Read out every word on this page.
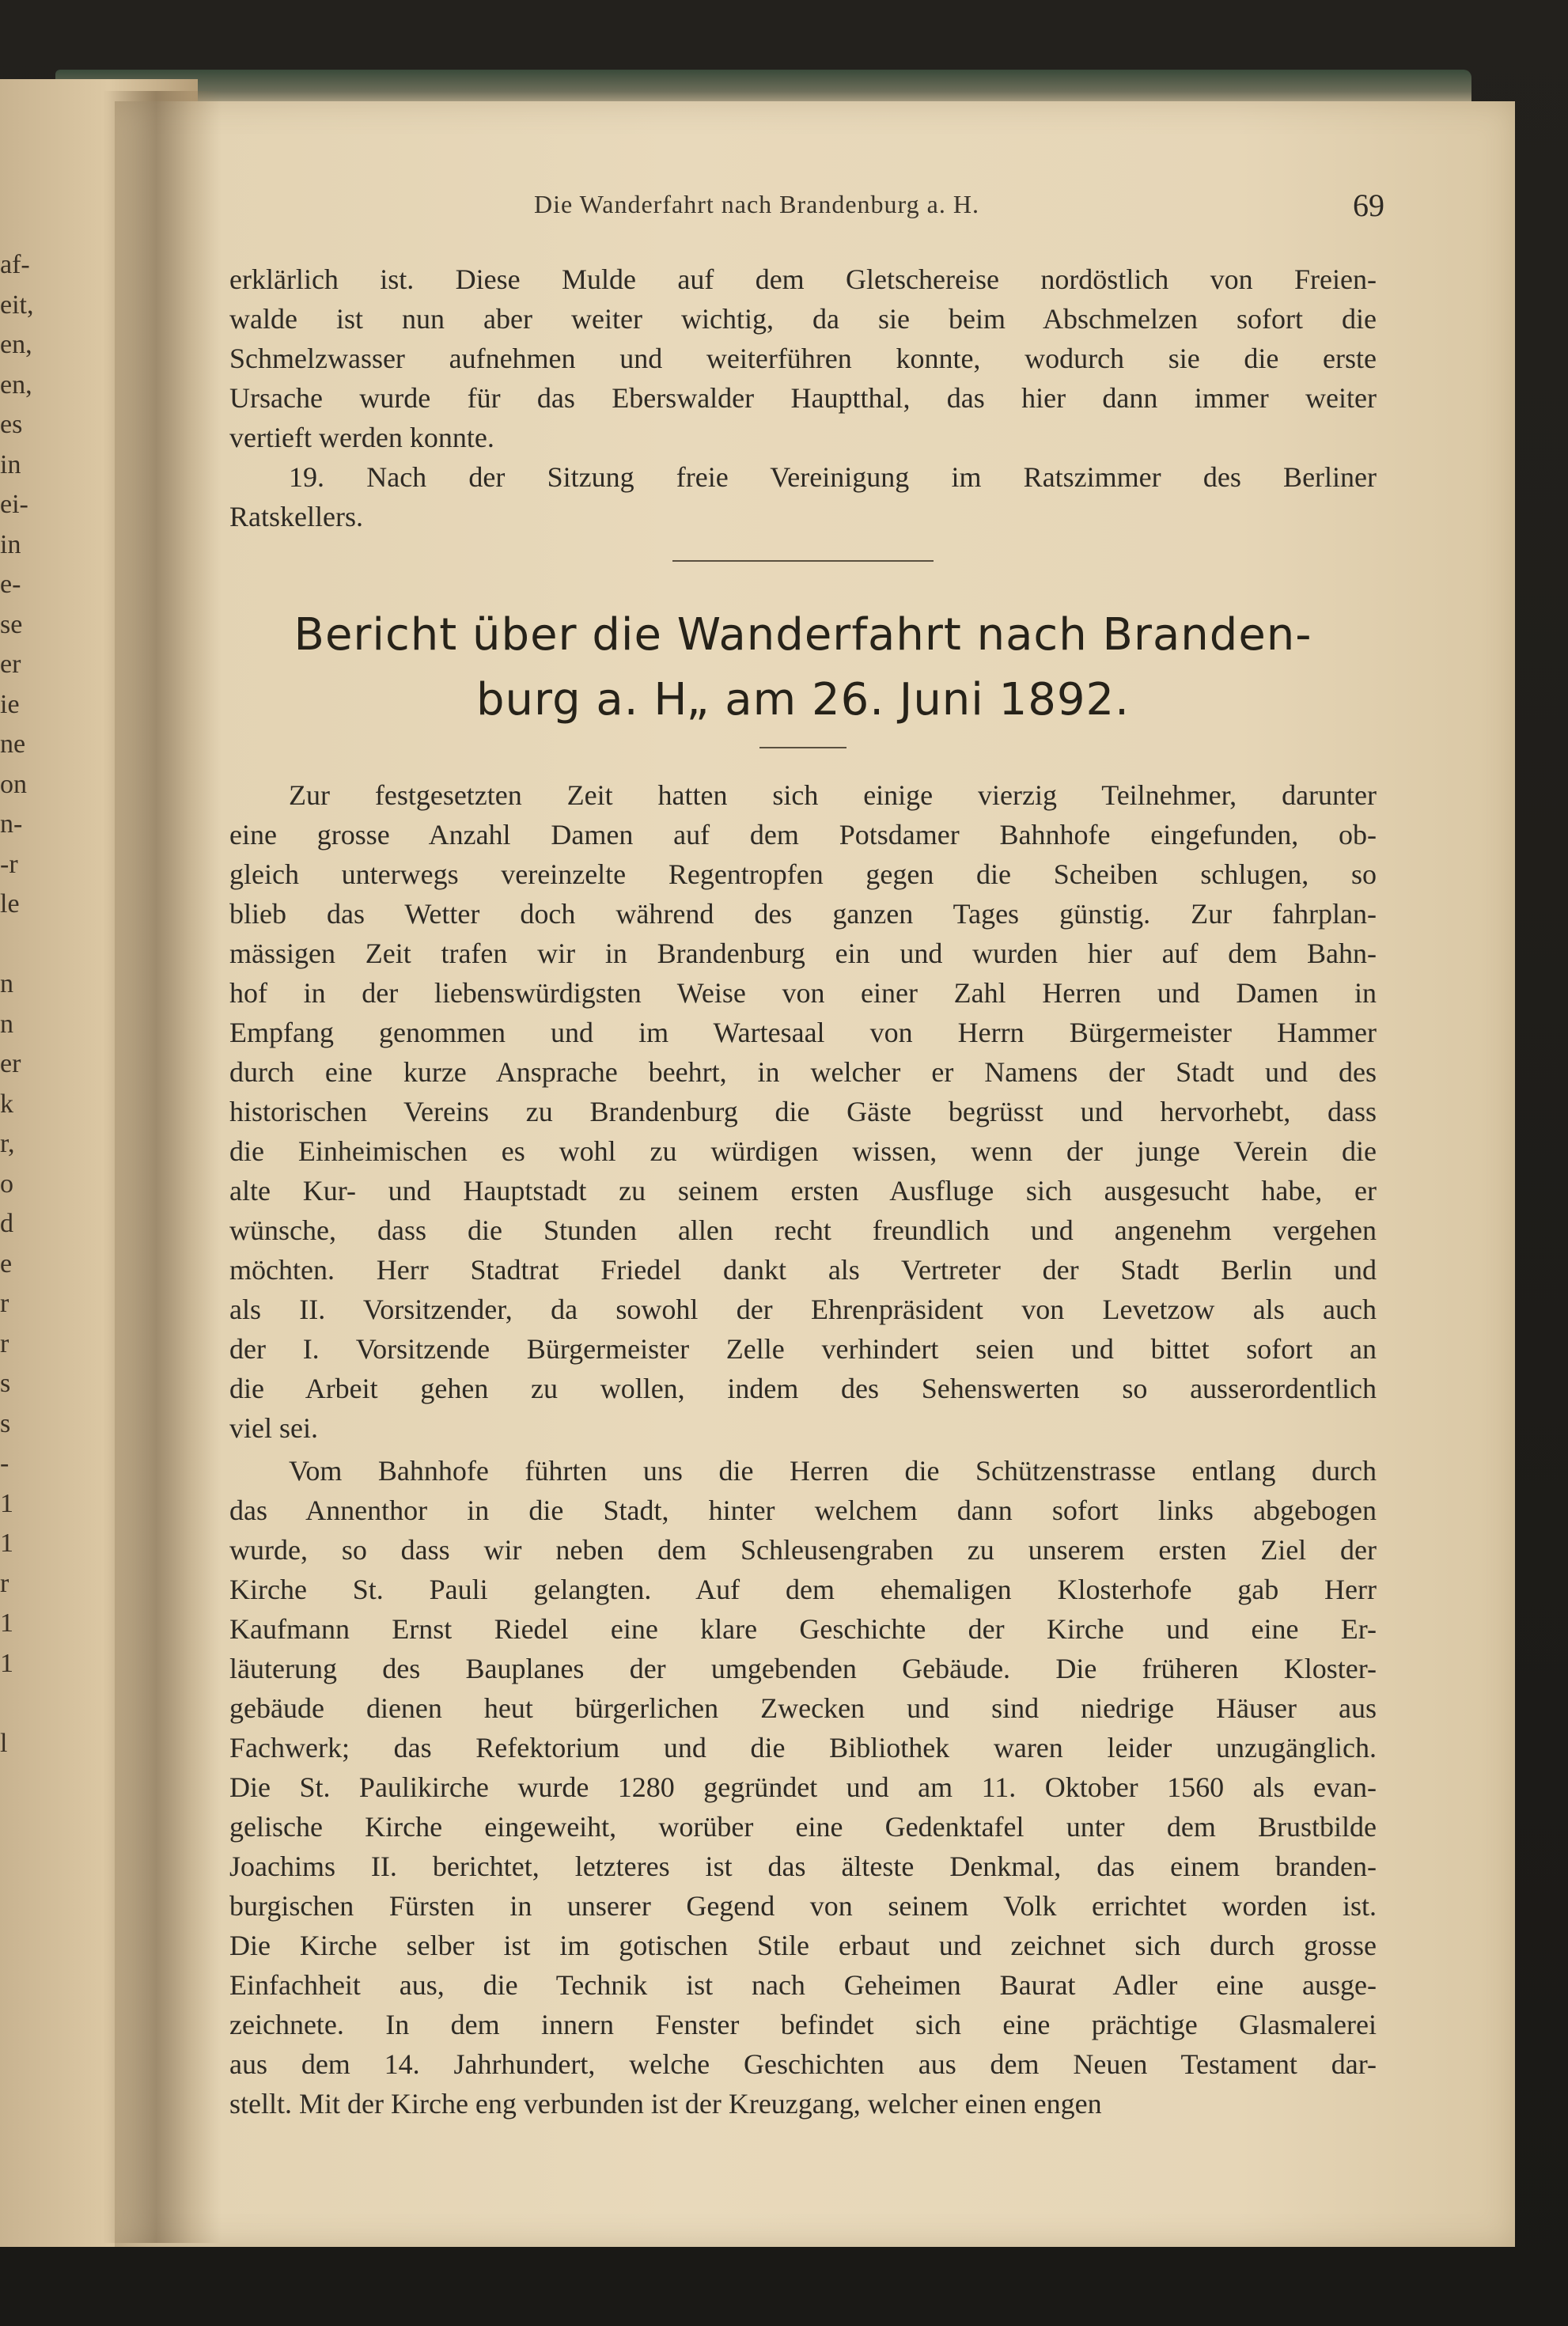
af-
eit,
en,
en,
es
in
ei-
in
e-
se
er
ie
ne
on
n-
-r
le
n
n
er
k
r,
o
d
e
r
r
s
s
-
1
1
r
1
1
l
Die Wanderfahrt nach Brandenburg a. H.	69
erklärlich ist. Diese Mulde auf dem Gletschereise nordöstlich von Freien-
walde ist nun aber weiter wichtig, da sie beim Abschmelzen sofort die
Schmelzwasser aufnehmen und weiterführen konnte, wodurch sie die erste
Ursache wurde für das Eberswalder Hauptthal, das hier dann immer weiter
vertieft werden konnte.
19. Nach der Sitzung freie Vereinigung im Ratszimmer des Berliner
Ratskellers.
Bericht über die Wanderfahrt nach Branden-
burg a. H„ am 26. Juni 1892.
Zur festgesetzten Zeit hatten sich einige vierzig Teilnehmer, darunter
eine grosse Anzahl Damen auf dem Potsdamer Bahnhofe eingefunden, ob-
gleich unterwegs vereinzelte Regentropfen gegen die Scheiben schlugen, so
blieb das Wetter doch während des ganzen Tages günstig. Zur fahrplan-
mässigen Zeit trafen wir in Brandenburg ein und wurden hier auf dem Bahn-
hof in der liebenswürdigsten Weise von einer Zahl Herren und Damen in
Empfang genommen und im Wartesaal von Herrn Bürgermeister Hammer
durch eine kurze Ansprache beehrt, in welcher er Namens der Stadt und des
historischen Vereins zu Brandenburg die Gäste begrüsst und hervorhebt, dass
die Einheimischen es wohl zu würdigen wissen, wenn der junge Verein die
alte Kur- und Hauptstadt zu seinem ersten Ausfluge sich ausgesucht habe, er
wünsche, dass die Stunden allen recht freundlich und angenehm vergehen
möchten. Herr Stadtrat Friedel dankt als Vertreter der Stadt Berlin und
als II. Vorsitzender, da sowohl der Ehrenpräsident von Levetzow als auch
der I. Vorsitzende Bürgermeister Zelle verhindert seien und bittet sofort an
die Arbeit gehen zu wollen, indem des Sehenswerten so ausserordentlich
viel sei.
Vom Bahnhofe führten uns die Herren die Schützenstrasse entlang durch
das Annenthor in die Stadt, hinter welchem dann sofort links abgebogen
wurde, so dass wir neben dem Schleusengraben zu unserem ersten Ziel der
Kirche St. Pauli gelangten. Auf dem ehemaligen Klosterhofe gab Herr
Kaufmann Ernst Riedel eine klare Geschichte der Kirche und eine Er-
läuterung des Bauplanes der umgebenden Gebäude. Die früheren Kloster-
gebäude dienen heut bürgerlichen Zwecken und sind niedrige Häuser aus
Fachwerk; das Refektorium und die Bibliothek waren leider unzugänglich.
Die St. Paulikirche wurde 1280 gegründet und am 11. Oktober 1560 als evan-
gelische Kirche eingeweiht, worüber eine Gedenktafel unter dem Brustbilde
Joachims II. berichtet, letzteres ist das älteste Denkmal, das einem branden-
burgischen Fürsten in unserer Gegend von seinem Volk errichtet worden ist.
Die Kirche selber ist im gotischen Stile erbaut und zeichnet sich durch grosse
Einfachheit aus, die Technik ist nach Geheimen Baurat Adler eine ausge-
zeichnete. In dem innern Fenster befindet sich eine prächtige Glasmalerei
aus dem 14. Jahrhundert, welche Geschichten aus dem Neuen Testament dar-
stellt. Mit der Kirche eng verbunden ist der Kreuzgang, welcher einen engen
